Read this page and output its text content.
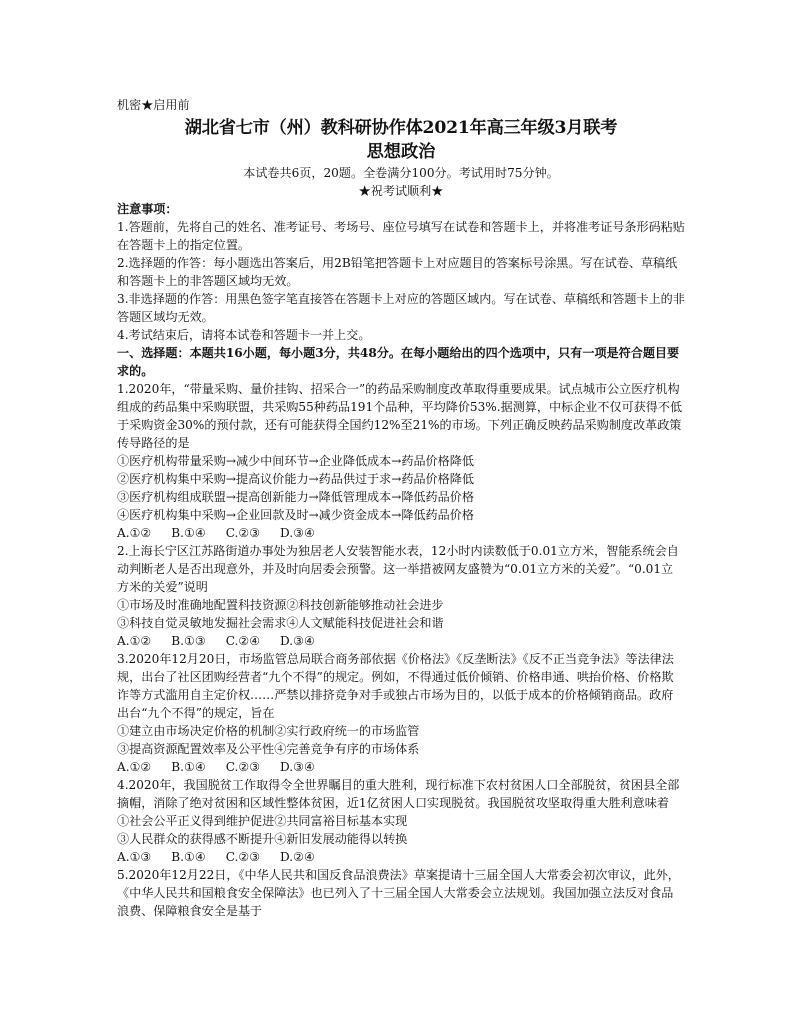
机密★启用前

湖北省七市（州）教科研协作体2021年高三年级3月联考
思想政治

本试卷共6页，20题。全卷满分100分。考试用时75分钟。

★祝考试顺利★

注意事项：

1.答题前，先将自己的姓名、准考证号、考场号、座位号填写在试卷和答题卡上，并将准考证号条形码粘贴在答题卡上的指定位置。

2.选择题的作答：每小题选出答案后，用2B铅笔把答题卡上对应题目的答案标号涂黑。写在试卷、草稿纸和答题卡上的非答题区域均无效。

3.非选择题的作答：用黑色签字笔直接答在答题卡上对应的答题区域内。写在试卷、草稿纸和答题卡上的非答题区域均无效。

4.考试结束后，请将本试卷和答题卡一并上交。

一、选择题：本题共16小题，每小题3分，共48分。在每小题给出的四个选项中，只有一项是符合题目要求的。

1.2020年，“带量采购、量价挂钩、招采合一”的药品采购制度改革取得重要成果。试点城市公立医疗机构组成的药品集中采购联盟，共采购55种药品191个品种，平均降价53%.据测算，中标企业不仅可获得不低于采购资金30%的预付款，还有可能获得全国约12%至21%的市场。下列正确反映药品采购制度改革政策传导路径的是

①医疗机构带量采购→减少中间环节→企业降低成本→药品价格降低

②医疗机构集中采购→提高议价能力→药品供过于求→药品价格降低

③医疗机构组成联盟→提高创新能力→降低管理成本→降低药品价格

④医疗机构集中采购→企业回款及时→减少资金成本→降低药品价格

A.①② B.①④ C.②③ D.③④

2.上海长宁区江苏路街道办事处为独居老人安装智能水表，12小时内读数低于0.01立方米，智能系统会自动判断老人是否出现意外，并及时向居委会预警。这一举措被网友盛赞为“0.01立方米的关爱”。“0.01立方米的关爱”说明

①市场及时准确地配置科技资源②科技创新能够推动社会进步

③科技自觉灵敏地发掘社会需求④人文赋能科技促进社会和谐

A.①② B.①③ C.②④ D.③④

3.2020年12月20日，市场监管总局联合商务部依据《价格法》《反垄断法》《反不正当竞争法》等法律法规，出台了社区团购经营者“九个不得”的规定。例如，不得通过低价倾销、价格串通、哄抬价格、价格欺诈等方式滥用自主定价权……严禁以排挤竞争对手或独占市场为目的，以低于成本的价格倾销商品。政府出台“九个不得”的规定，旨在

①建立由市场决定价格的机制②实行政府统一的市场监管

③提高资源配置效率及公平性④完善竞争有序的市场体系

A.①② B.①④ C.②③ D.③④

4.2020年，我国脱贫工作取得令全世界瞩目的重大胜利，现行标准下农村贫困人口全部脱贫，贫困县全部摘帽，消除了绝对贫困和区域性整体贫困，近1亿贫困人口实现脱贫。我国脱贫攻坚取得重大胜利意味着

①社会公平正义得到维护促进②共同富裕目标基本实现

③人民群众的获得感不断提升④新旧发展动能得以转换

A.①③ B.①④ C.②③ D.②④

5.2020年12月22日，《中华人民共和国反食品浪费法》草案提请十三届全国人大常委会初次审议，此外，《中华人民共和国粮食安全保障法》也已列入了十三届全国人大常委会立法规划。我国加强立法反对食品浪费、保障粮食安全是基于
